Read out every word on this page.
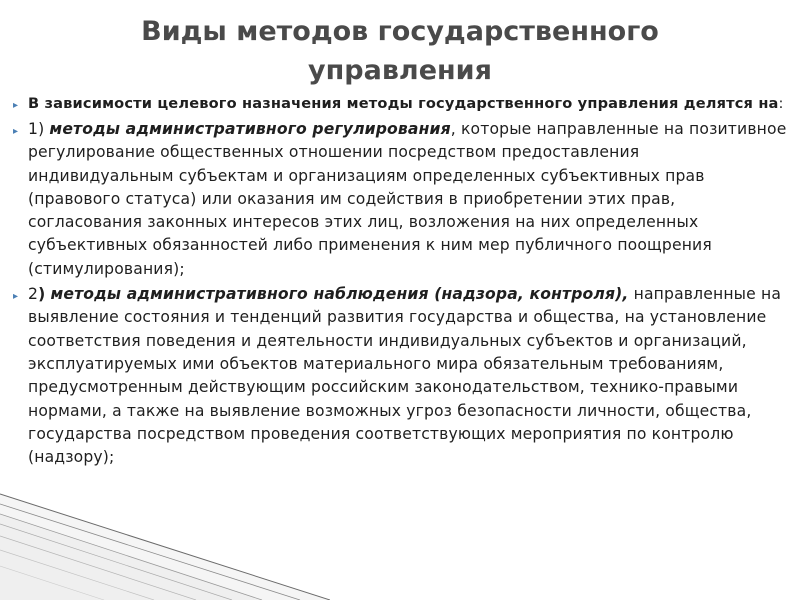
Виды методов государственного управления
▸ В зависимости целевого назначения методы государственного управления делятся на:
▸ 1) методы административного регулирования, которые направленные на позитивное регулирование общественных отношении посредством предоставления индивидуальным субъектам и организациям определенных субъективных прав (правового статуса) или оказания им содействия в приобретении этих прав, согласования законных интересов этих лиц, возложения на них определенных субъективных обязанностей либо применения к ним мер публичного поощрения (стимулирования);
▸ 2) методы административного наблюдения (надзора, контроля), направленные на выявление состояния и тенденций развития государства и общества, на установление соответствия поведения и деятельности индивидуальных субъектов и организаций, эксплуатируемых ими объектов материального мира обязательным требованиям, предусмотренным действующим российским законодательством, технико-правыми нормами, а также на выявление возможных угроз безопасности личности, общества, государства посредством проведения соответствующих мероприятия по контролю (надзору);
